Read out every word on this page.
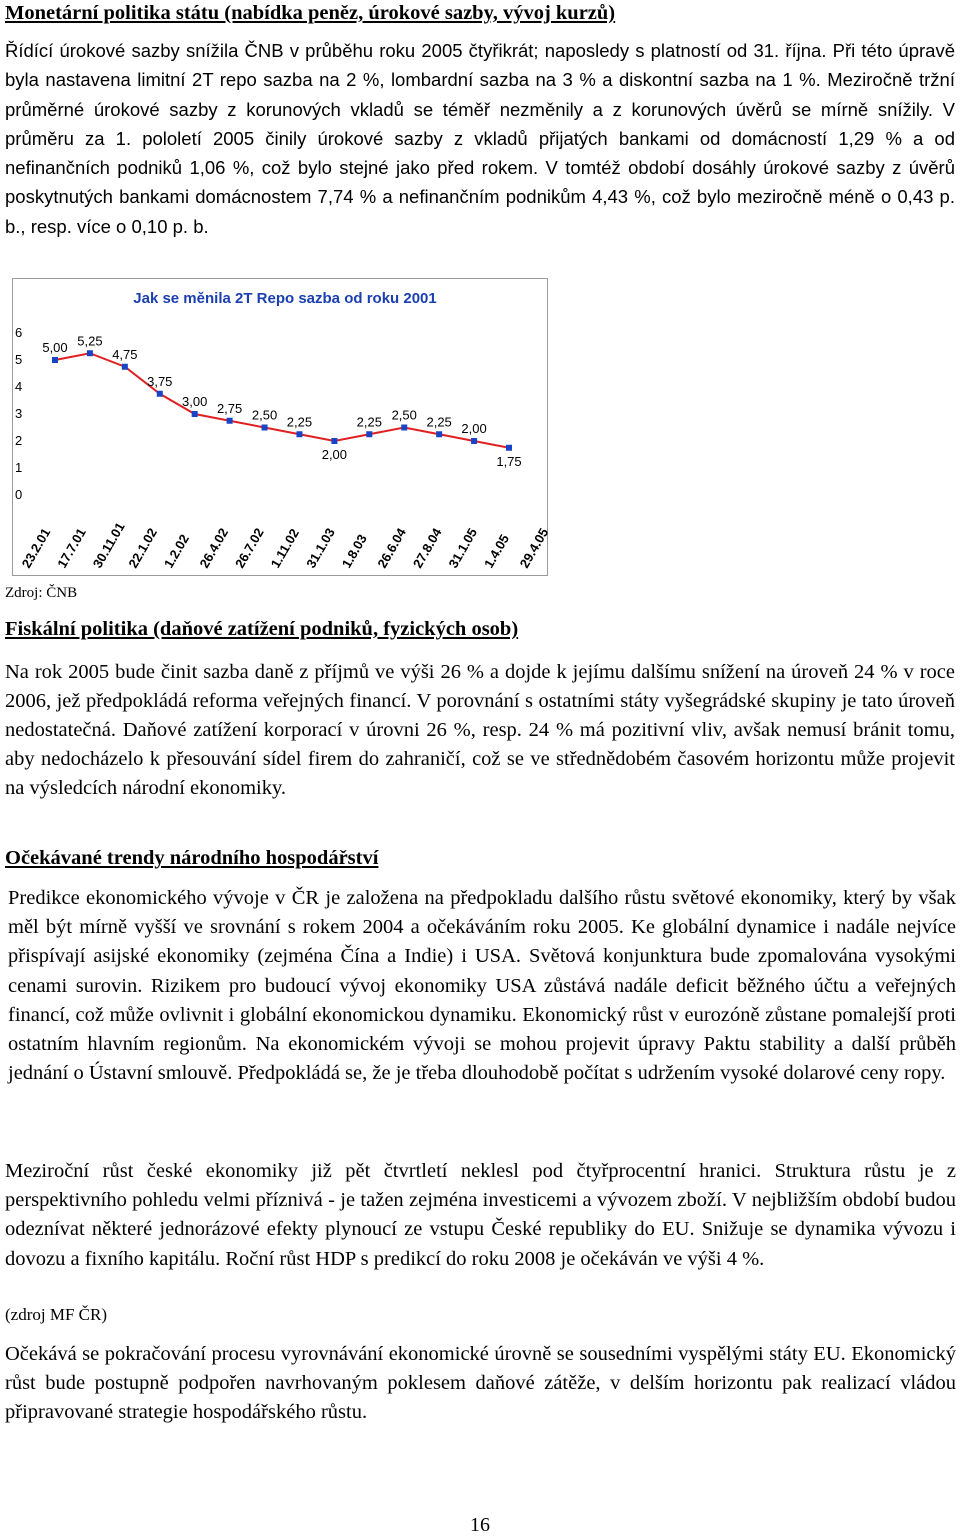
Monetární politika státu (nabídka peněz, úrokové sazby, vývoj kurzů)

Řídící úrokové sazby snížila ČNB v průběhu roku 2005 čtyřikrát; naposledy s platností od 31. října. Při této úpravě byla nastavena limitní 2T repo sazba na 2 %, lombardní sazba na 3 % a diskontní sazba na 1 %. Meziročně tržní průměrné úrokové sazby z korunových vkladů se téměř nezměnily a z korunových úvěrů se mírně snížily. V průměru za 1. pololetí 2005 činily úrokové sazby z vkladů přijatých bankami od domácností 1,29 % a od nefinančních podniků 1,06 %, což bylo stejné jako před rokem. V tomtéž období dosáhly úrokové sazby z úvěrů poskytnutých bankami domácnostem 7,74 % a nefinančním podnikům 4,43 %, což bylo meziročně méně o 0,43 p. b., resp. více o 0,10 p. b.

Jak se měnila 2T Repo sazba od roku 2001
0
1
2
3
4
5
6
5,00 5,25
4,75
3,75
3,00 2,75 2,50 2,25
2,00
2,25 2,50 2,25 2,00
1,75
23.2.01 17.7.01 30.11.01
22.1.02 1.2.02 26.4.02 26.7.02 1.11.02 31.1.03 1.8.03 26.6.04 27.8.04 31.1.05 1.4.05 29.4.05

Zdroj: ČNB

Fiskální politika (daňové zatížení podniků, fyzických osob)

Na rok 2005 bude činit sazba daně z příjmů ve výši 26 % a dojde k jejímu dalšímu snížení na úroveň 24 % v roce 2006, jež předpokládá reforma veřejných financí. V porovnání s ostatními státy vyšegrádské skupiny je tato úroveň nedostatečná. Daňové zatížení korporací v úrovni 26 %, resp. 24 % má pozitivní vliv, avšak nemusí bránit tomu, aby nedocházelo k přesouvání sídel firem do zahraničí, což se ve střednědobém časovém horizontu může projevit na výsledcích národní ekonomiky.

Očekávané trendy národního hospodářství

Predikce ekonomického vývoje v ČR je založena na předpokladu dalšího růstu světové ekonomiky, který by však měl být mírně vyšší ve srovnání s rokem 2004 a očekáváním roku 2005. Ke globální dynamice i nadále nejvíce přispívají asijské ekonomiky (zejména Čína a Indie) i USA. Světová konjunktura bude zpomalována vysokými cenami surovin. Rizikem pro budoucí vývoj ekonomiky USA zůstává nadále deficit běžného účtu a veřejných financí, což může ovlivnit i globální ekonomickou dynamiku. Ekonomický růst v eurozóně zůstane pomalejší proti ostatním hlavním regionům. Na ekonomickém vývoji se mohou projevit úpravy Paktu stability a další průběh jednání o Ústavní smlouvě. Předpokládá se, že je třeba dlouhodobě počítat s udržením vysoké dolarové ceny ropy.

Meziroční růst české ekonomiky již pět čtvrtletí neklesl pod čtyřprocentní hranici. Struktura růstu je z perspektivního pohledu velmi příznivá - je tažen zejména investicemi a vývozem zboží. V nejbližším období budou odeznívat některé jednorázové efekty plynoucí ze vstupu České republiky do EU. Snižuje se dynamika vývozu i dovozu a fixního kapitálu. Roční růst HDP s predikcí do roku 2008 je očekáván ve výši 4 %.

(zdroj MF ČR)

Očekává se pokračování procesu vyrovnávání ekonomické úrovně se sousedními vyspělými státy EU. Ekonomický růst bude postupně podpořen navrhovaným poklesem daňové zátěže, v delším horizontu pak realizací vládou připravované strategie hospodářského růstu.

16
